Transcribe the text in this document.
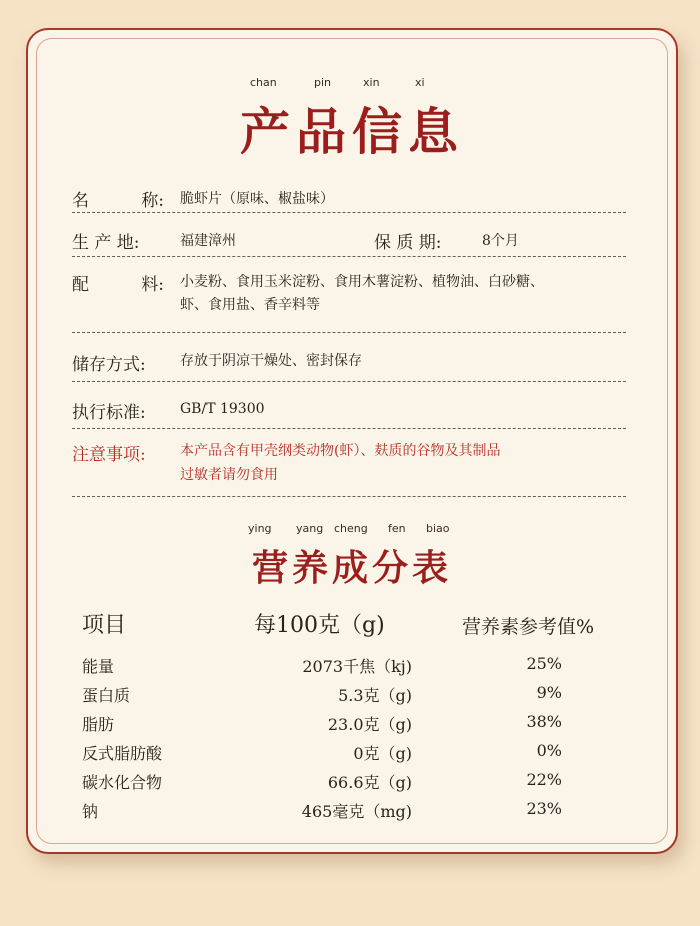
chan	pin	xin	xi
产品信息
名	称: 脆虾片（原味、椒盐味）
生 产 地:	福建漳州	保 质 期:	8个月
配	料: 小麦粉、食用玉米淀粉、食用木薯淀粉、植物油、白砂糖、
虾、食用盐、香辛料等
储存方式: 存放于阴凉干燥处、密封保存
执行标准: GB/T 19300
注意事项: 本产品含有甲壳纲类动物(虾）、麸质的谷物及其制品
过敏者请勿食用
ying yang cheng fen biao
营养成分表
项目	每100克（g)	营养素参考值%
能量	2073千焦（kj)	25%
蛋白质	5.3克（g)	9%
脂肪	23.0克（g)	38%
反式脂肪酸	0克（g)	0%
碳水化合物	66.6克（g)	22%
钠	465毫克（mg)	23%
